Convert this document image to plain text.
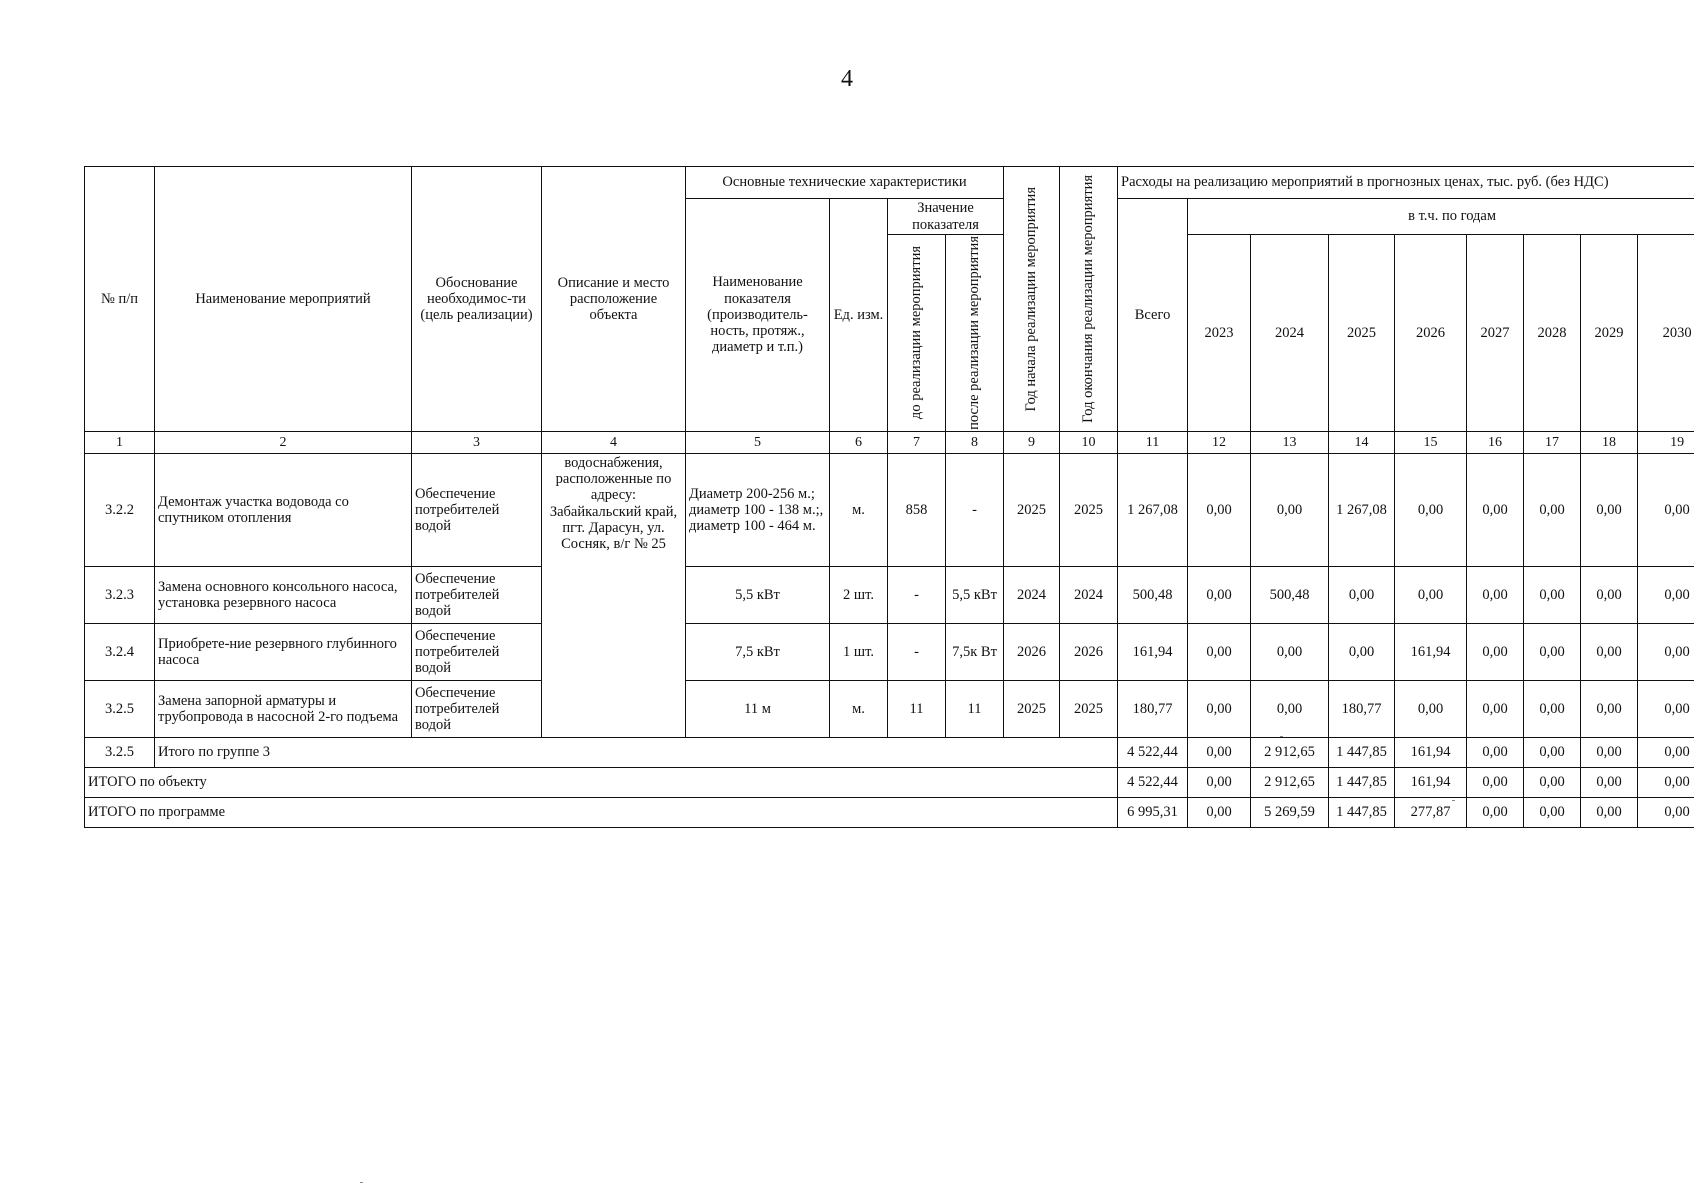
4
№ п/п	Наименование мероприятий	Обоснование необходимос-ти (цель реализации)	Описание и место расположение объекта	Основные технические характеристики				Год начала реализации мероприятия	Год окончания реализации мероприятия	Расходы на реализацию мероприятий в прогнозных ценах, тыс. руб. (без НДС)								
				Наименование показателя (производитель-ность, протяж., диаметр и т.п.)	Ед. изм.	Значение показателя				Всего	в т.ч. по годам							

						до реализации мероприятия	после реализации мероприятия				2023	2024	2025	2026	2027	2028	2029	2030
1	2	3	4	5	6	7	8	9	10	11	12	13	14	15	16	17	18	19
3.2.2	Демонтаж участка водовода со спутником отопления	Обеспечение потребителей водой	водоснабжения, расположенные по адресу: Забайкальский край, пгт. Дарасун, ул. Сосняк, в/г № 25	Диаметр 200-256 м.; диаметр 100 - 138 м.;, диаметр 100 - 464 м.	м.	858	-	2025	2025	1 267,08	0,00	0,00	1 267,08	0,00	0,00	0,00	0,00	0,00
3.2.3	Замена основного консольного насоса, установка резервного насоса	Обеспечение потребителей водой		5,5 кВт	2 шт.	-	5,5 кВт	2024	2024	500,48	0,00	500,48	0,00	0,00	0,00	0,00	0,00	0,00
3.2.4	Приобрете-ние резервного глубинного насоса	Обеспечение потребителей водой		7,5 кВт	1 шт.	-	7,5к Вт	2026	2026	161,94	0,00	0,00	0,00	161,94	0,00	0,00	0,00	0,00
3.2.5	Замена запорной арматуры и трубопровода в насосной 2-го подъема	Обеспечение потребителей водой		11 м	м.	11	11	2025	2025	180,77	0,00	0,00	180,77	0,00	0,00	0,00	0,00	0,00
3.2.5	Итого по группе 3									4 522,44	0,00	2 912,65	1 447,85	161,94	0,00	0,00	0,00	0,00
ИТОГО по объекту										4 522,44	0,00	2 912,65	1 447,85	161,94	0,00	0,00	0,00	0,00
ИТОГО по программе										6 995,31	0,00	5 269,59	1 447,85	277,87	0,00	0,00	0,00	0,00
